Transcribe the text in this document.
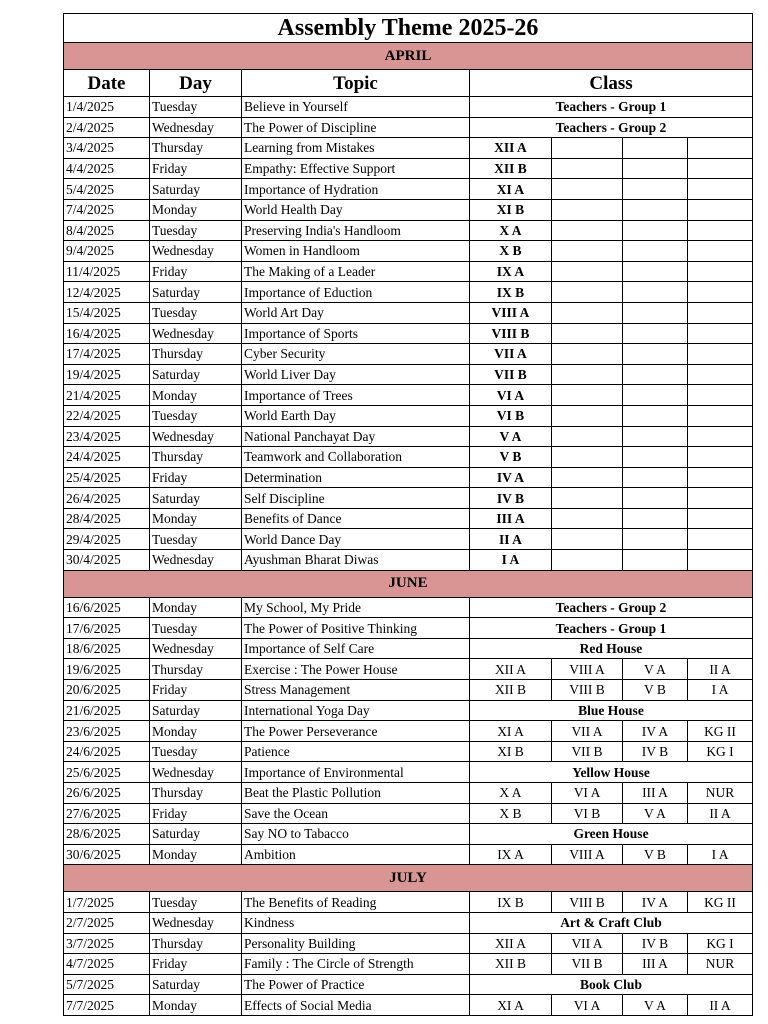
Assembly Theme 2025-26						
APRIL						
Date	Day	Topic	Class			
1/4/2025	Tuesday	Believe in Yourself	Teachers - Group 1			
2/4/2025	Wednesday	The Power of Discipline	Teachers - Group 2			
3/4/2025	Thursday	Learning from Mistakes	XII A			
4/4/2025	Friday	Empathy: Effective Support	XII B			
5/4/2025	Saturday	Importance of Hydration	XI A			
7/4/2025	Monday	World Health Day	XI B			
8/4/2025	Tuesday	Preserving India's Handloom	X A			
9/4/2025	Wednesday	Women in Handloom	X B			
11/4/2025	Friday	The Making of a Leader	IX A			
12/4/2025	Saturday	Importance of Eduction	IX B			
15/4/2025	Tuesday	World Art Day	VIII A			
16/4/2025	Wednesday	Importance of Sports	VIII B			
17/4/2025	Thursday	Cyber Security	VII A			
19/4/2025	Saturday	World Liver Day	VII B			
21/4/2025	Monday	Importance of Trees	VI A			
22/4/2025	Tuesday	World Earth Day	VI B			
23/4/2025	Wednesday	National Panchayat Day	V A			
24/4/2025	Thursday	Teamwork and Collaboration	V B			
25/4/2025	Friday	Determination	IV A			
26/4/2025	Saturday	Self Discipline	IV B			
28/4/2025	Monday	Benefits of Dance	III A			
29/4/2025	Tuesday	World Dance Day	II A			
30/4/2025	Wednesday	Ayushman Bharat Diwas	I A			
JUNE						
16/6/2025	Monday	My School, My Pride	Teachers - Group 2			
17/6/2025	Tuesday	The Power of Positive Thinking	Teachers - Group 1			
18/6/2025	Wednesday	Importance of Self Care	Red House			
19/6/2025	Thursday	Exercise : The Power House	XII A	VIII A	V A	II A
20/6/2025	Friday	Stress Management	XII B	VIII B	V B	I A
21/6/2025	Saturday	International Yoga Day	Blue House			
23/6/2025	Monday	The Power Perseverance	XI A	VII A	IV A	KG II
24/6/2025	Tuesday	Patience	XI B	VII B	IV B	KG I
25/6/2025	Wednesday	Importance of Environmental	Yellow House			
26/6/2025	Thursday	Beat the Plastic Pollution	X A	VI A	III A	NUR
27/6/2025	Friday	Save the Ocean	X B	VI B	V A	II A
28/6/2025	Saturday	Say NO to Tabacco	Green House			
30/6/2025	Monday	Ambition	IX A	VIII A	V B	I A
JULY						
1/7/2025	Tuesday	The Benefits of Reading	IX B	VIII B	IV A	KG II
2/7/2025	Wednesday	Kindness	Art & Craft Club			
3/7/2025	Thursday	Personality Building	XII A	VII A	IV B	KG I
4/7/2025	Friday	Family : The Circle of Strength	XII B	VII B	III A	NUR
5/7/2025	Saturday	The Power of Practice	Book Club			
7/7/2025	Monday	Effects of Social Media	XI A	VI A	V A	II A
